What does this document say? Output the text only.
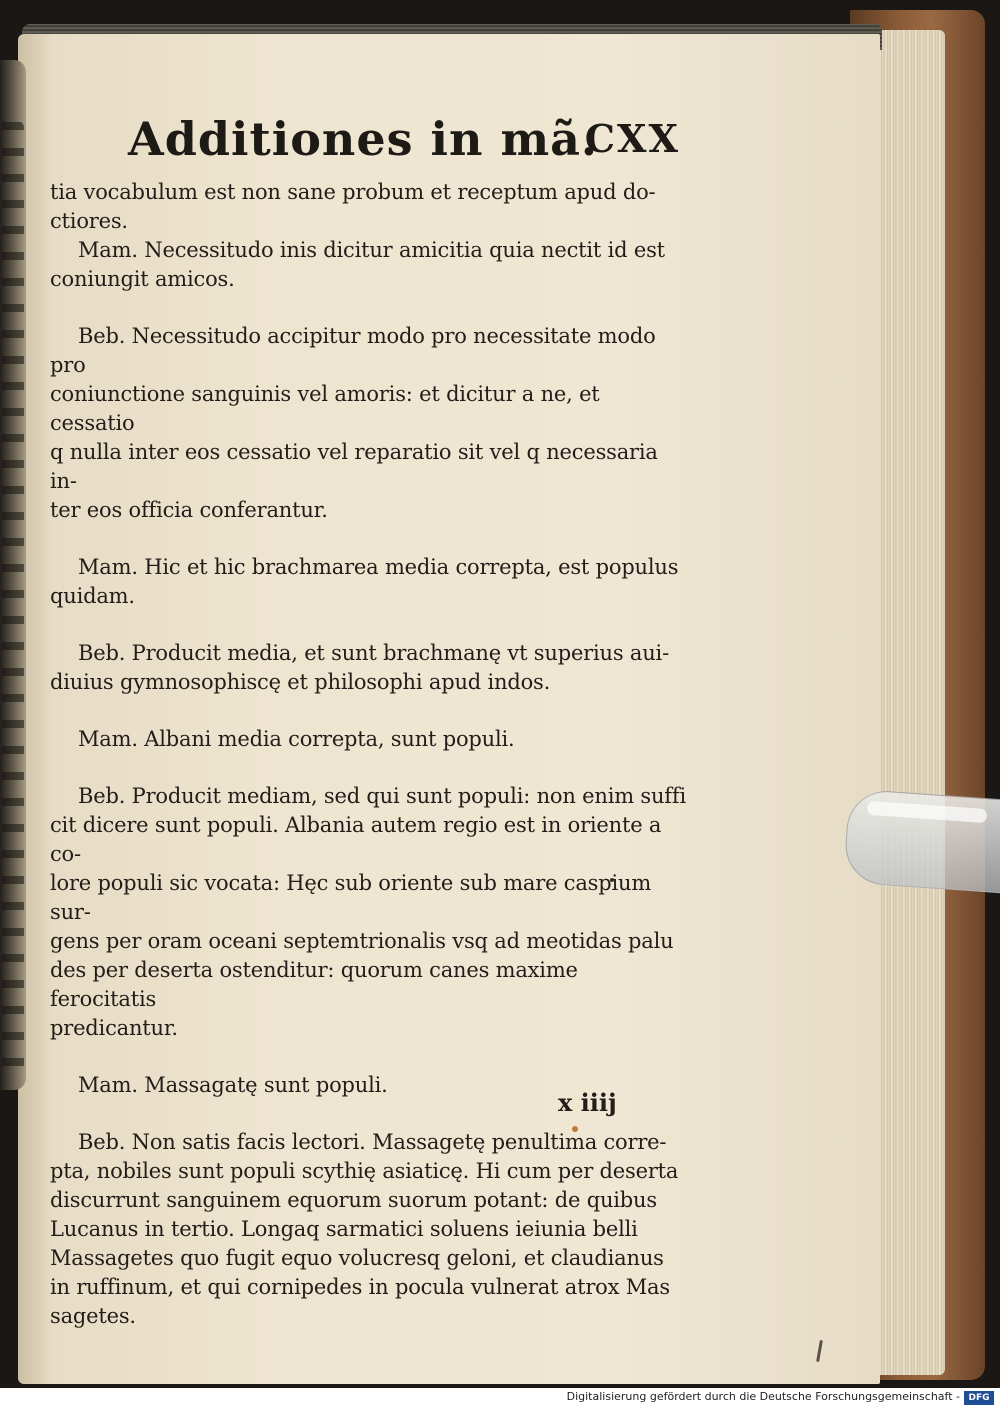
Additiones in mã.
CXX

tia vocabulum est non sane probum et receptum apud do-
ctiores.

Mam. Necessitudo inis dicitur amicitia quia nectit id est
coniungit amicos.

Beb. Necessitudo accipitur modo pro necessitate modo pro
coniunctione sanguinis vel amoris: et dicitur a ne, et cessatio
q nulla inter eos cessatio vel reparatio sit vel q necessaria in-
ter eos officia conferantur.

Mam. Hic et hic brachmarea media correpta, est populus
quidam.

Beb. Producit media, et sunt brachmanę vt superius aui-
diuius gymnosophiscę et philosophi apud indos.

Mam. Albani media correpta, sunt populi.

Beb. Producit mediam, sed qui sunt populi: non enim suffi
cit dicere sunt populi. Albania autem regio est in oriente a co-
lore populi sic vocata: Hęc sub oriente sub mare caspium sur-
gens per oram oceani septemtrionalis vsq ad meotidas palu
des per deserta ostenditur: quorum canes maxime ferocitatis
predicantur.

Mam. Massagatę sunt populi.

Beb. Non satis facis lectori. Massagetę penultima corre-
pta, nobiles sunt populi scythię asiaticę. Hi cum per deserta
discurrunt sanguinem equorum suorum potant: de quibus
Lucanus in tertio. Longaq sarmatici soluens ieiunia belli
Massagetes quo fugit equo volucresq geloni, et claudianus
in ruffinum, et qui cornipedes in pocula vulnerat atrox Mas
sagetes.

x iiij
Digitalisierung gefördert durch die Deutsche Forschungsgemeinschaft - DFG
